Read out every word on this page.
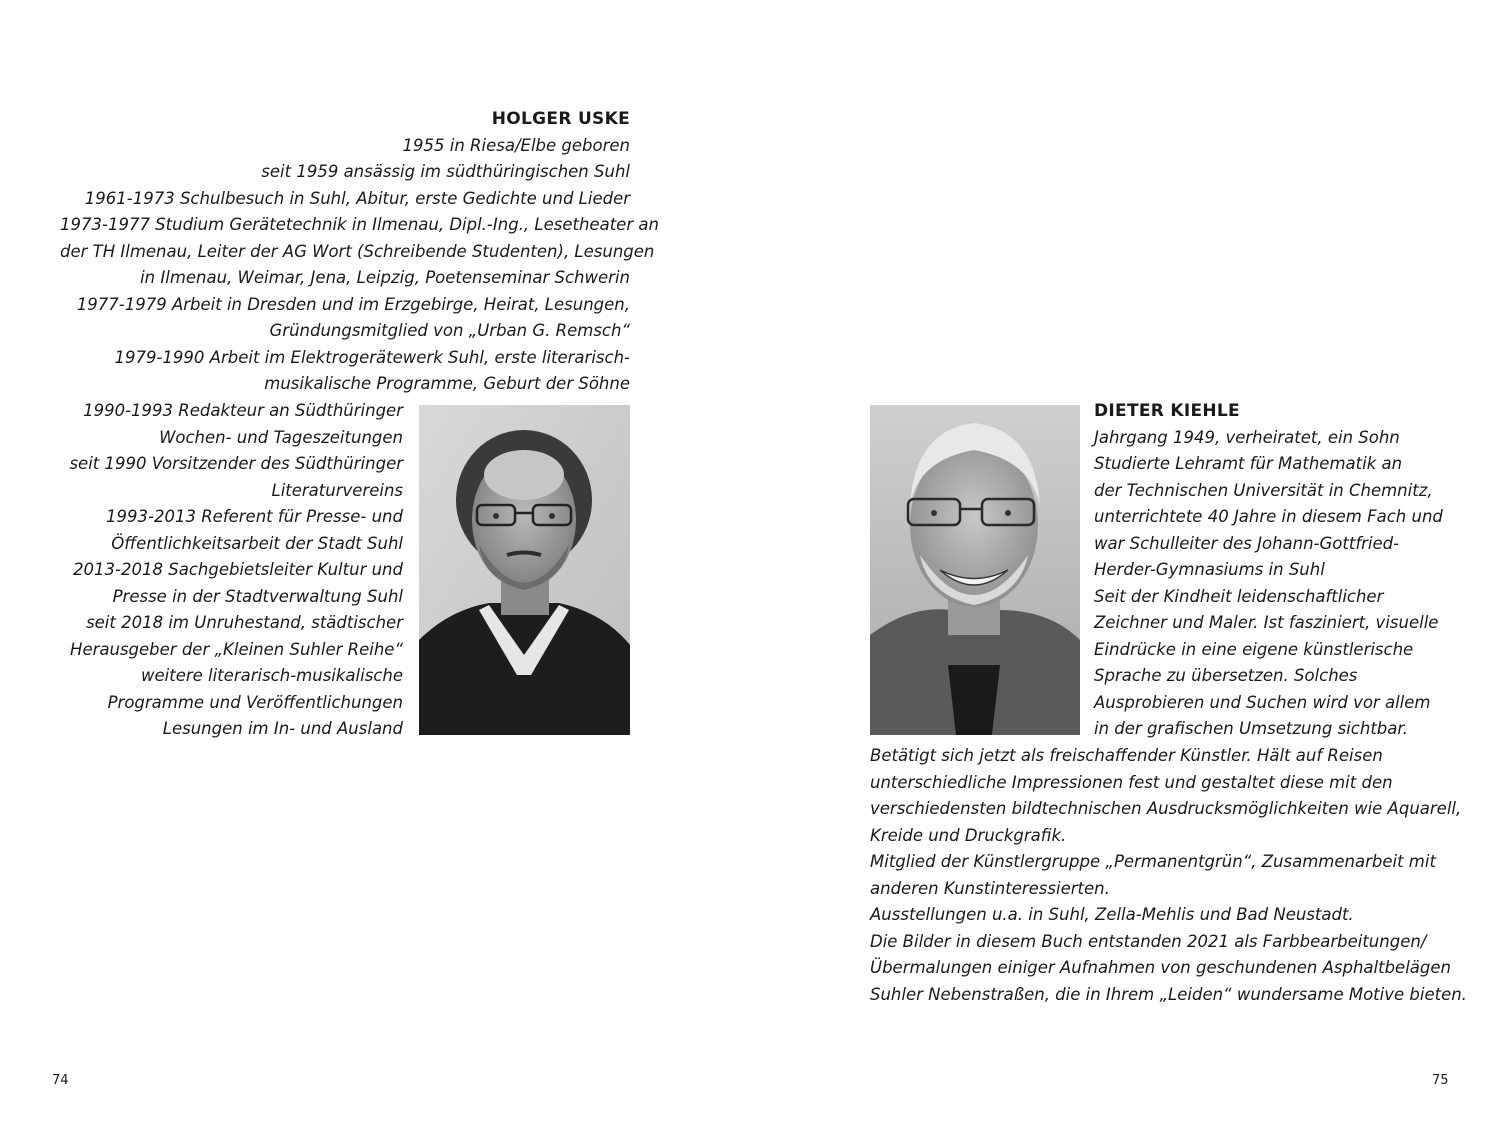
HOLGER USKE
1955 in Riesa/Elbe geboren
seit 1959 ansässig im südthüringischen Suhl
1961-1973 Schulbesuch in Suhl, Abitur, erste Gedichte und Lieder
1973-1977 Studium Gerätetechnik in Ilmenau, Dipl.-Ing., Lesetheater an
der TH Ilmenau, Leiter der AG Wort (Schreibende Studenten), Lesungen
in Ilmenau, Weimar, Jena, Leipzig, Poetenseminar Schwerin
1977-1979 Arbeit in Dresden und im Erzgebirge, Heirat, Lesungen,
Gründungsmitglied von „Urban G. Remsch“
1979-1990 Arbeit im Elektrogerätewerk Suhl, erste literarisch-
musikalische Programme, Geburt der Söhne
1990-1993 Redakteur an Südthüringer
Wochen- und Tageszeitungen
seit 1990 Vorsitzender des Südthüringer
Literaturvereins
1993-2013 Referent für Presse- und
Öffentlichkeitsarbeit der Stadt Suhl
2013-2018 Sachgebietsleiter Kultur und
Presse in der Stadtverwaltung Suhl
seit 2018 im Unruhestand, städtischer
Herausgeber der „Kleinen Suhler Reihe“
weitere literarisch-musikalische
Programme und Veröffentlichungen
Lesungen im In- und Ausland
74
DIETER KIEHLE
Jahrgang 1949, verheiratet, ein Sohn
Studierte Lehramt für Mathematik an
der Technischen Universität in Chemnitz,
unterrichtete 40 Jahre in diesem Fach und
war Schulleiter des Johann-Gottfried-
Herder-Gymnasiums in Suhl
Seit der Kindheit leidenschaftlicher
Zeichner und Maler. Ist fasziniert, visuelle
Eindrücke in eine eigene künstlerische
Sprache zu übersetzen. Solches
Ausprobieren und Suchen wird vor allem
in der grafischen Umsetzung sichtbar.
Betätigt sich jetzt als freischaffender Künstler. Hält auf Reisen
unterschiedliche Impressionen fest und gestaltet diese mit den
verschiedensten bildtechnischen Ausdrucksmöglichkeiten wie Aquarell,
Kreide und Druckgrafik.
Mitglied der Künstlergruppe „Permanentgrün“, Zusammenarbeit mit
anderen Kunstinteressierten.
Ausstellungen u.a. in Suhl, Zella-Mehlis und Bad Neustadt.
Die Bilder in diesem Buch entstanden 2021 als Farbbearbeitungen/
Übermalungen einiger Aufnahmen von geschundenen Asphaltbelägen
Suhler Nebenstraßen, die in Ihrem „Leiden“ wundersame Motive bieten.
75
